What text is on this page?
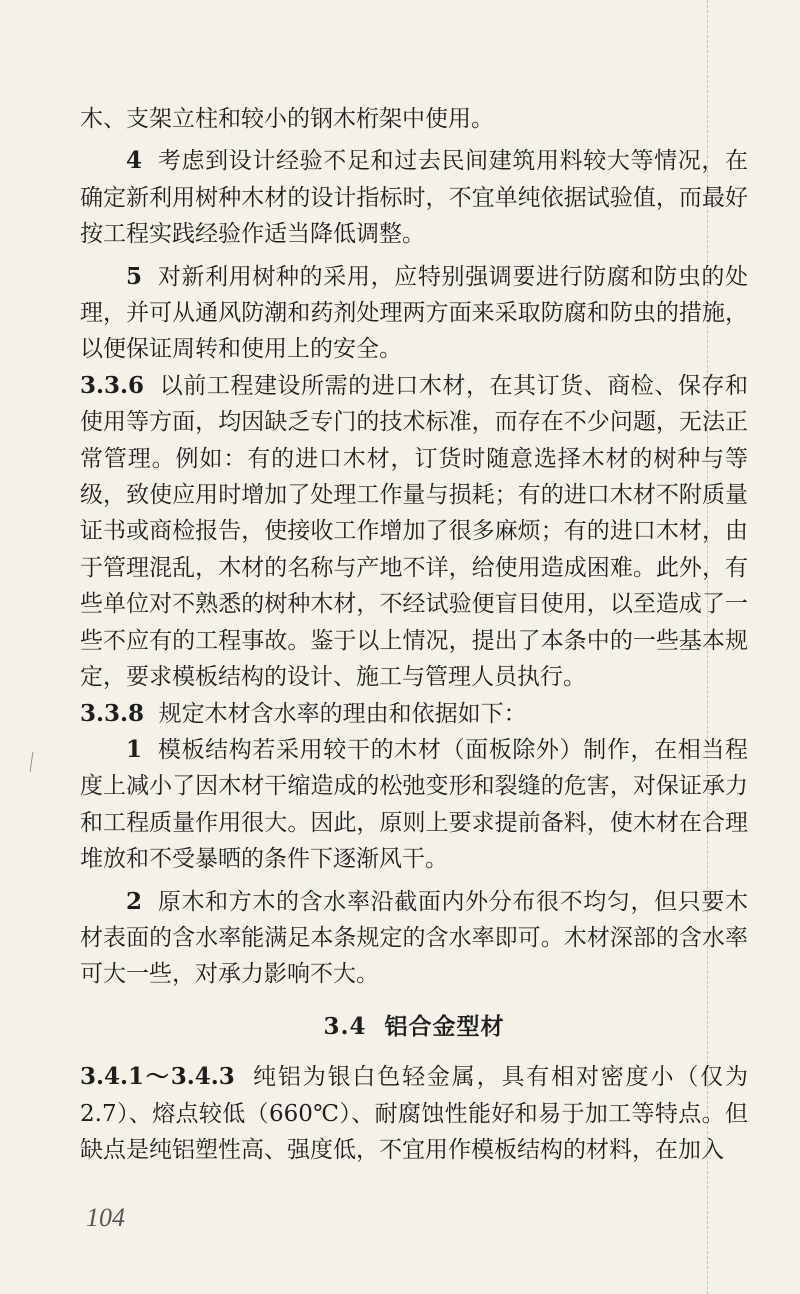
木、支架立柱和较小的钢木桁架中使用。

4 考虑到设计经验不足和过去民间建筑用料较大等情况，在确定新利用树种木材的设计指标时，不宜单纯依据试验值，而最好按工程实践经验作适当降低调整。

5 对新利用树种的采用，应特别强调要进行防腐和防虫的处理，并可从通风防潮和药剂处理两方面来采取防腐和防虫的措施，以便保证周转和使用上的安全。

3.3.6 以前工程建设所需的进口木材，在其订货、商检、保存和使用等方面，均因缺乏专门的技术标准，而存在不少问题，无法正常管理。例如：有的进口木材，订货时随意选择木材的树种与等级，致使应用时增加了处理工作量与损耗；有的进口木材不附质量证书或商检报告，使接收工作增加了很多麻烦；有的进口木材，由于管理混乱，木材的名称与产地不详，给使用造成困难。此外，有些单位对不熟悉的树种木材，不经试验便盲目使用，以至造成了一些不应有的工程事故。鉴于以上情况，提出了本条中的一些基本规定，要求模板结构的设计、施工与管理人员执行。

3.3.8 规定木材含水率的理由和依据如下：

1 模板结构若采用较干的木材（面板除外）制作，在相当程度上减小了因木材干缩造成的松弛变形和裂缝的危害，对保证承力和工程质量作用很大。因此，原则上要求提前备料，使木材在合理堆放和不受暴晒的条件下逐渐风干。

2 原木和方木的含水率沿截面内外分布很不均匀，但只要木材表面的含水率能满足本条规定的含水率即可。木材深部的含水率可大一些，对承力影响不大。

3.4 铝合金型材

3.4.1～3.4.3 纯铝为银白色轻金属，具有相对密度小（仅为2.7）、熔点较低（660℃）、耐腐蚀性能好和易于加工等特点。但缺点是纯铝塑性高、强度低，不宜用作模板结构的材料，在加入

104
